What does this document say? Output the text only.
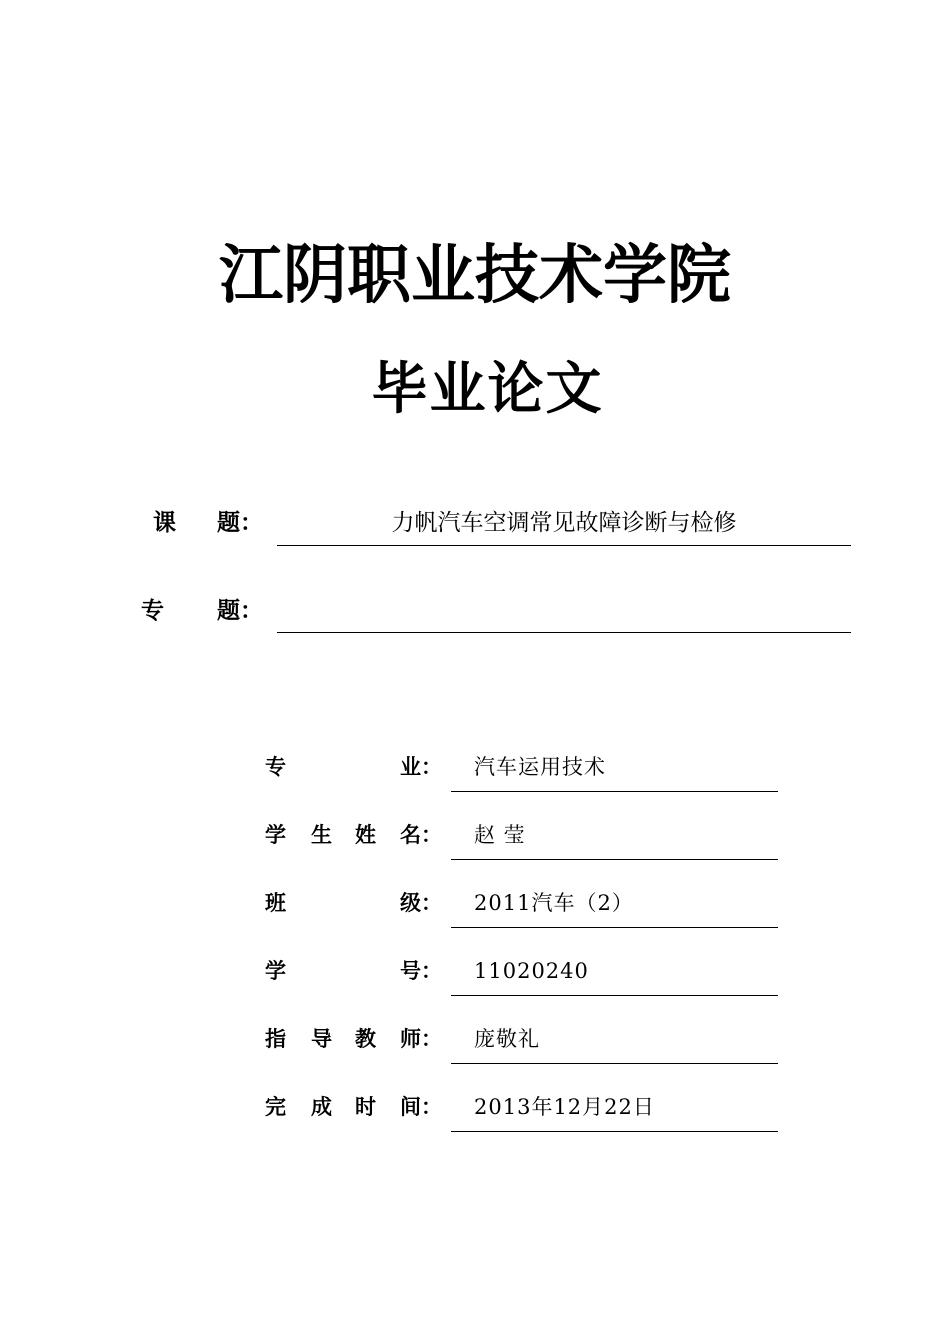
江阴职业技术学院
毕业论文
课 题：	力帆汽车空调常见故障诊断与检修
专 题：
专	业： 汽车运用技术
学 生 姓 名： 赵 莹
班	级： 2011汽车（2）
学	号： 11020240
指 导 教 师： 庞敬礼
完 成 时 间： 2013年12月22日
